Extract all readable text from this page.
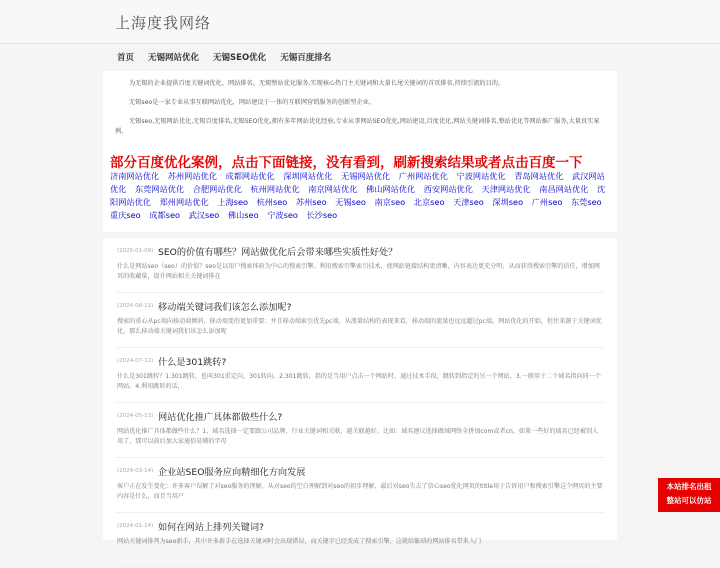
上海度我网络
首页	无锡网站优化	无锡SEO优化	无锡百度排名

为无锡的企业提供百度关键词优化、网站排名、无锡整站优化服务,实现核心热门主关键词和大量长尾关键词的首页排名,持续引流的目的。

无锡seo是一家专业从事互联网站优化，网站建设于一体的互联网营销服务的创新型企业。

无锡seo,无锡网站优化,无锡百度排名,无锡SEO优化,拥有多年网站优化经验,专业从事网站SEO优化,网站建设,百度优化,网站关键词排名,整站优化等网站推广服务,大量真实案例。

部分百度优化案例，点击下面链接，没有看到，刷新搜索结果或者点击百度一下
济南网站优化 苏州网站优化 成都网站优化 深圳网站优化 无锡网站优化 广州网站优化 宁波网站优化 青岛网站优化 武汉网站优化 东莞网站优化 合肥网站优化 杭州网站优化 南京网站优化 佛山网站优化 西安网站优化 天津网站优化 南昌网站优化 沈阳网站优化 郑州网站优化 上海seo 杭州seo 苏州seo 无锡seo 南京seo 北京seo 天津seo 深圳seo 广州seo 东莞seo 重庆seo 成都seo 武汉seo 佛山seo 宁波seo 长沙seo
(2025-01-09) SEO的价值有哪些？网站做优化后会带来哪些实质性好处？
什么是网站seo（seo）的价值？seo是以用户搜索体验为中心的搜索引擎。利用搜索引擎索引技术，使网站链接结构更清晰，内容表达更充分明，从而获得搜索引擎的信任，增加网页的收藏量，提升网站相关关键词排在
(2024-08-11) 移动端关键词我们该怎么添加呢?
搜索的重心从pc端向移动端倾斜，移动端变的更加重要；并且移动端索引优先pc端，从流量结构的表现来看，移动端的流量也远远超过pc端。网站优化的开始，但往来源于关键词优化，那么移动端关键词我们该怎么添加呢
(2024-07-12) 什么是301跳转?
什么是301跳转？1.301跳转，也叫301重定向，301转向。2.301跳转，指的是当用户点击一个网站时，通过技术手段，跳转到指定的另一个网站。3.一般用于二个域名指向同一个网站。4.利用跳转的话，
(2024-05-13) 网站优化推广具体都做些什么?
网站优化推广具体都做些什么？1、域名选择一定要跟公司品牌、行业关键词相关联，越关联越好。比如：域名建议选择做域网络全拼加com或者cn，如果一些好的域名已经被别人用了，那可以前后加大家通俗易懂的字母
(2024-03-14) 企业站SEO服务应向精细化方向发展
客户正在发生变化：许多客户误解了对seo服务的理解，从对seo的空白理解到对seo的初步理解，最后对seo失去了信心seo优化网页的title用于告诉用户和搜索引擎这个网页的主要内容是什么，而且当用户
(2024-01-14) 如何在网站上排列关键词?
网站关键词排列为seo新手，其中许多新手在选择关键词时会出现错误，而关键字已经变成了搜索引擎，这就给繁琐的网站排名带来入门
本站排名出租
整站可以仿站
